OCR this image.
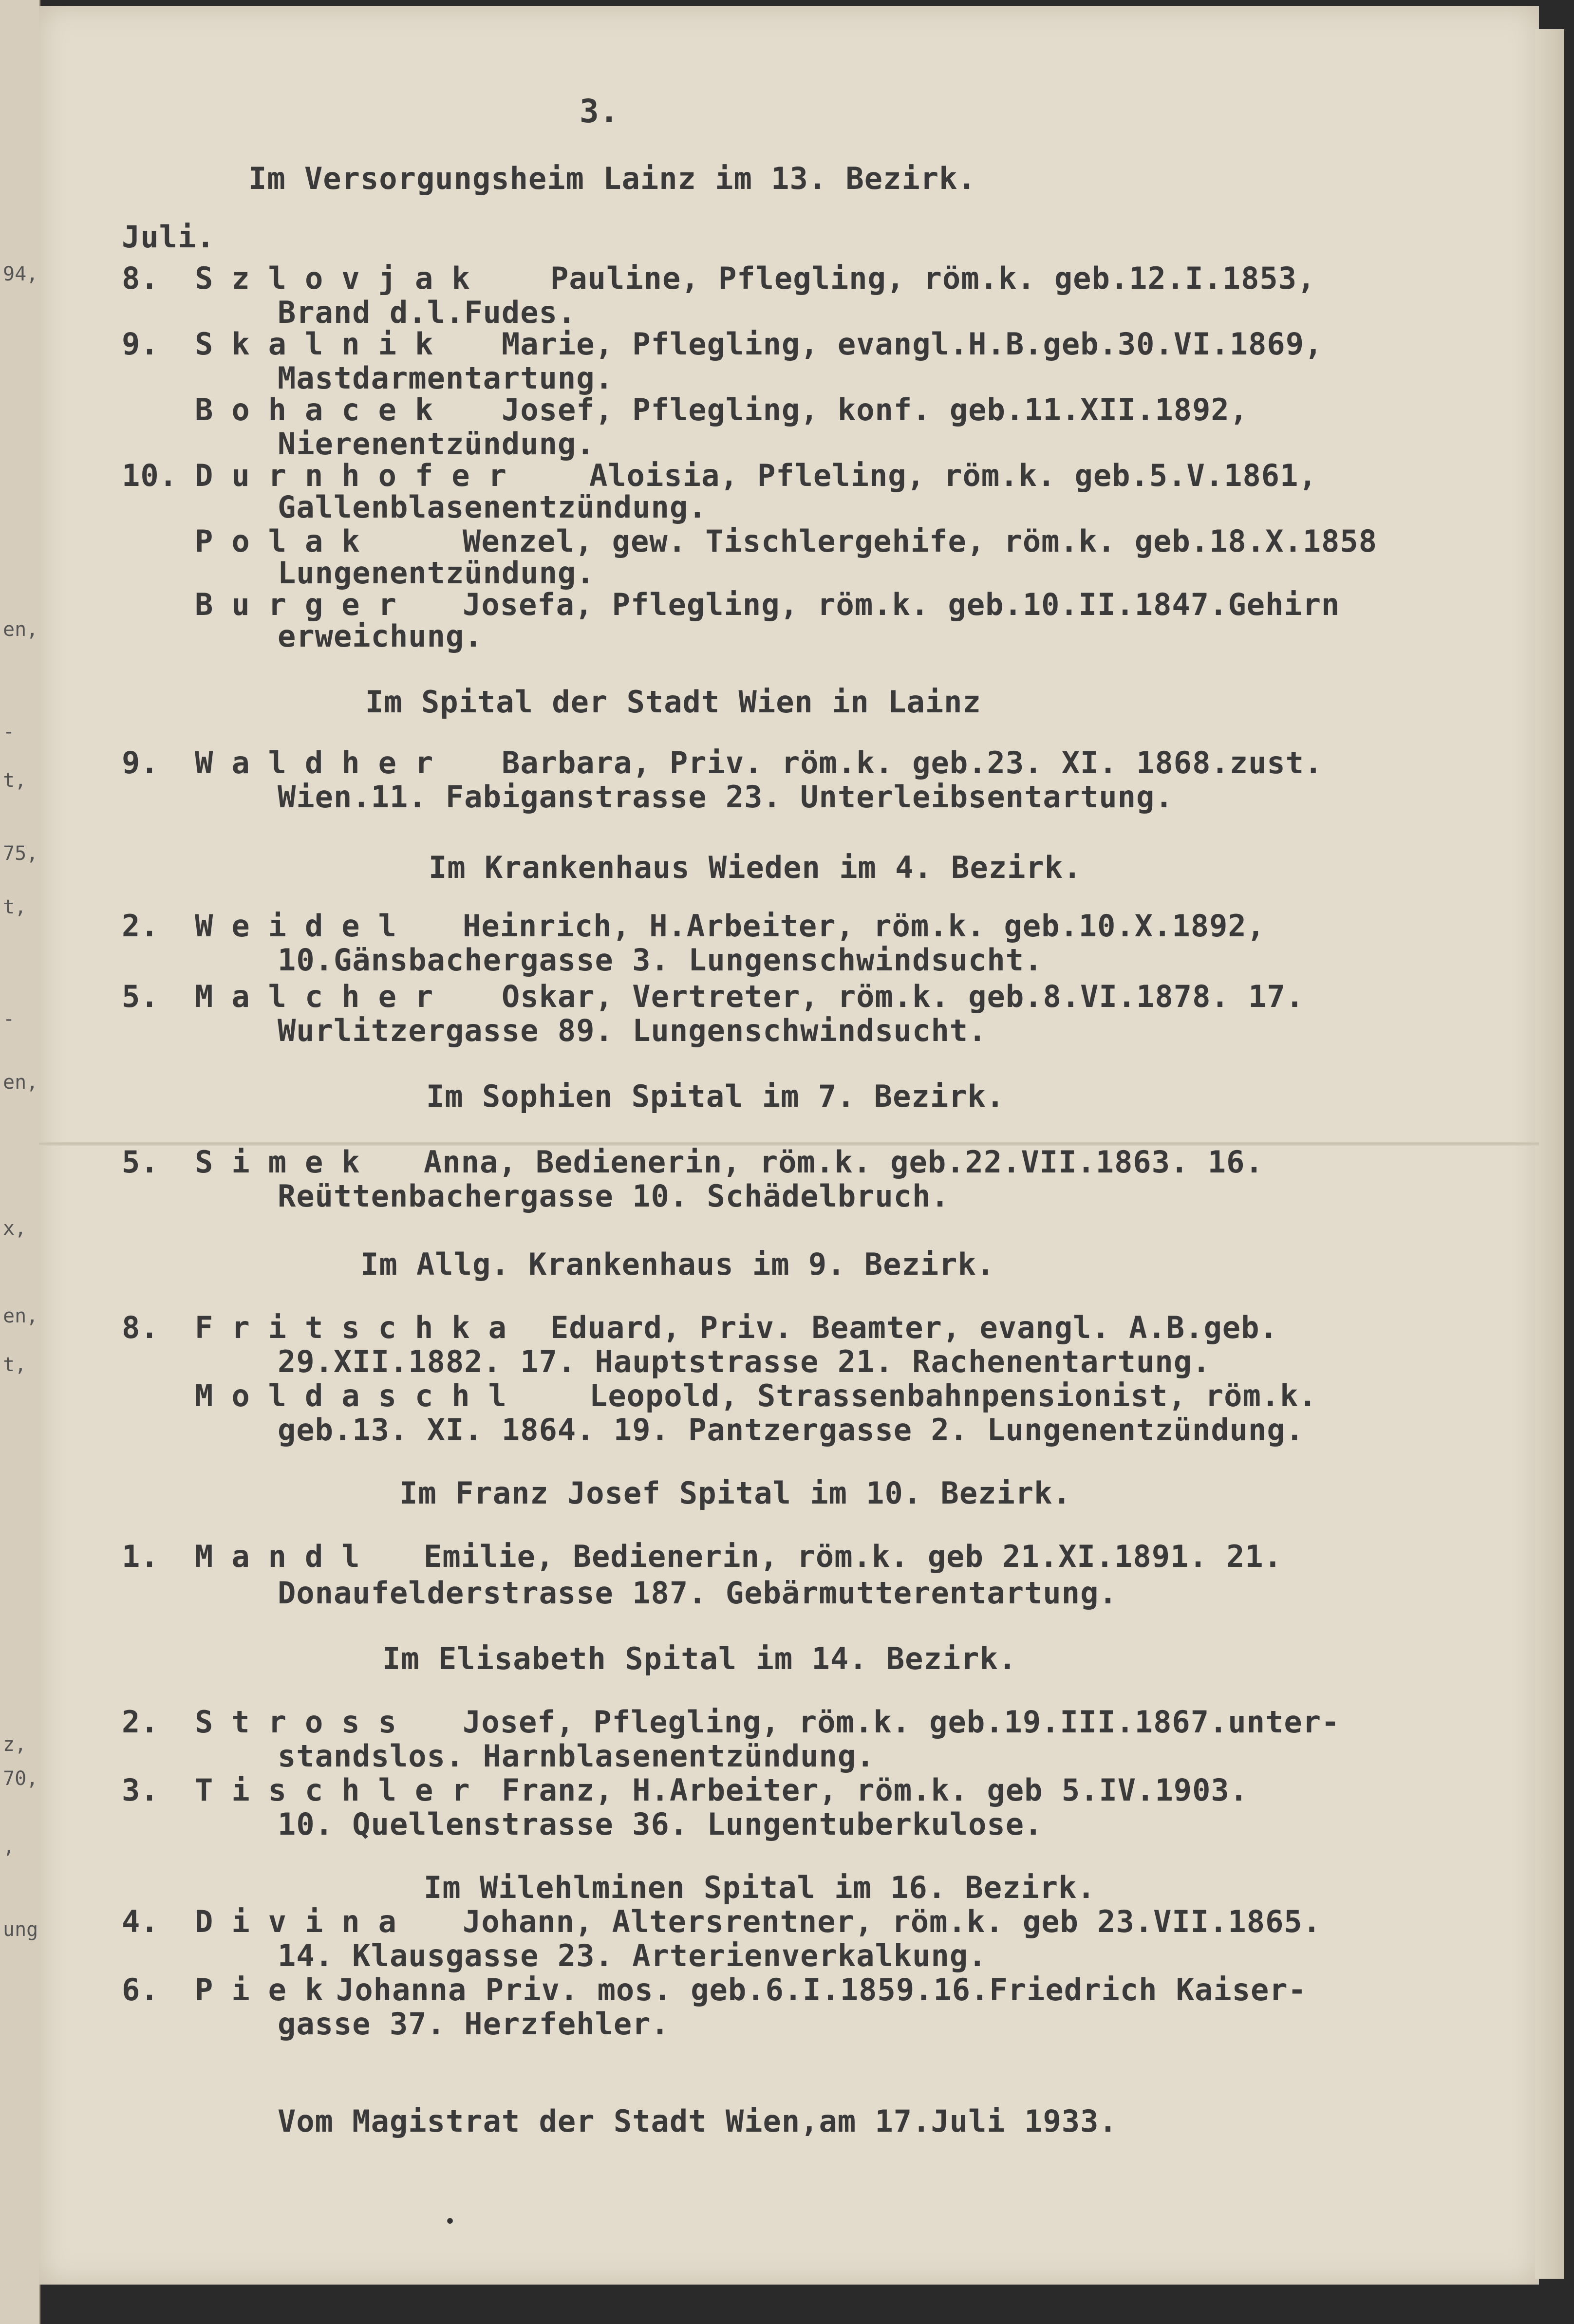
94,
en,
-
t,
75,
t,
-
en,
x,
en,
t,
z,
70,
,
ung
3.
Im Versorgungsheim Lainz im 13. Bezirk.
Juli.
8. Szlovjak Pauline, Pflegling, röm.k. geb.12.I.1853,
Brand d.l.Fudes.
9. Skalnik Marie, Pflegling, evangl.H.B.geb.30.VI.1869,
Mastdarmentartung.
Bohacek Josef, Pflegling, konf. geb.11.XII.1892,
Nierenentzündung.
10. Durnhofer Aloisia, Pfleling, röm.k. geb.5.V.1861,
Gallenblasenentzündung.
Polak	Wenzel, gew. Tischlergehife, röm.k. geb.18.X.1858
Lungenentzündung.
Burger Josefa, Pflegling, röm.k. geb.10.II.1847.Gehirn
erweichung.
Im Spital der Stadt Wien in Lainz
9. Waldher Barbara, Priv. röm.k. geb.23. XI. 1868.zust.
Wien.11. Fabiganstrasse 23. Unterleibsentartung.
Im Krankenhaus Wieden im 4. Bezirk.
2. Weidel Heinrich, H.Arbeiter, röm.k. geb.10.X.1892,
10.Gänsbachergasse 3. Lungenschwindsucht.
5. Malcher Oskar, Vertreter, röm.k. geb.8.VI.1878. 17.
Wurlitzergasse 89. Lungenschwindsucht.
Im Sophien Spital im 7. Bezirk.
5. Simek Anna, Bedienerin, röm.k. geb.22.VII.1863. 16.
Reüttenbachergasse 10. Schädelbruch.
Im Allg. Krankenhaus im 9. Bezirk.
8. Fritschka Eduard, Priv. Beamter, evangl. A.B.geb.
29.XII.1882. 17. Hauptstrasse 21. Rachenentartung.
Moldaschl Leopold, Strassenbahnpensionist, röm.k.
geb.13. XI. 1864. 19. Pantzergasse 2. Lungenentzündung.
Im Franz Josef Spital im 10. Bezirk.
1. Mandl Emilie, Bedienerin, röm.k. geb 21.XI.1891. 21.
Donaufelderstrasse 187. Gebärmutterentartung.
Im Elisabeth Spital im 14. Bezirk.
2. Stross Josef, Pflegling, röm.k. geb.19.III.1867.unter-
standslos. Harnblasenentzündung.
3. Tischler Franz, H.Arbeiter, röm.k. geb 5.IV.1903.
10. Quellenstrasse 36. Lungentuberkulose.
Im Wilehlminen Spital im 16. Bezirk.
4. Divina Johann, Altersrentner, röm.k. geb 23.VII.1865.
14. Klausgasse 23. Arterienverkalkung.
6. Piek
Johanna Priv. mos. geb.6.I.1859.16.Friedrich Kaiser-
gasse 37. Herzfehler.
Vom Magistrat der Stadt Wien,am 17.Juli 1933.
•
